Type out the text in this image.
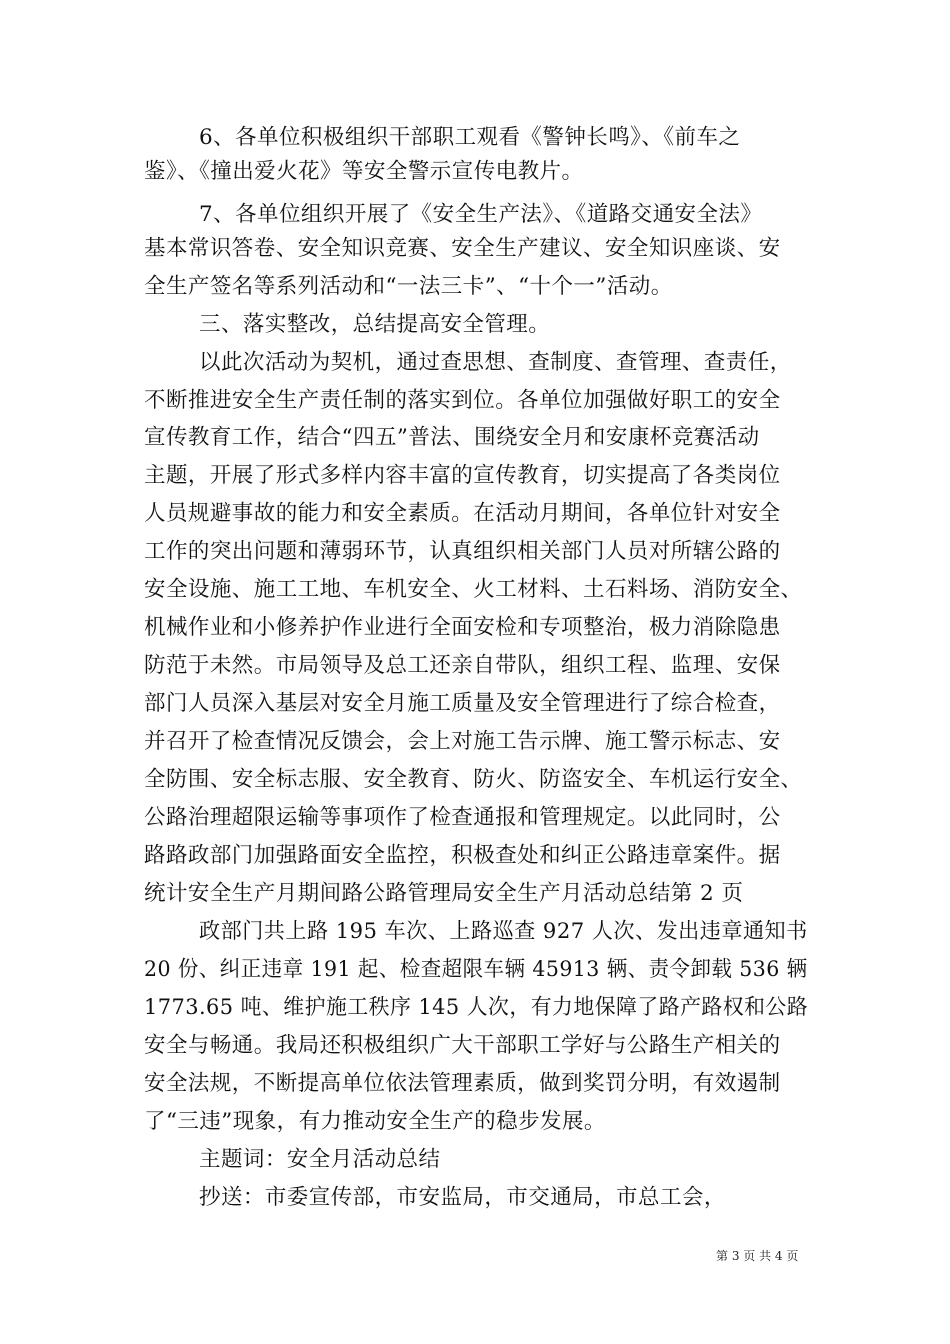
6、各单位积极组织干部职工观看《警钟长鸣》、《前车之
鉴》、《撞出爱火花》等安全警示宣传电教片。
7、各单位组织开展了《安全生产法》、《道路交通安全法》
基本常识答卷、安全知识竞赛、安全生产建议、安全知识座谈、安
全生产签名等系列活动和“一法三卡”、“十个一”活动。
三、落实整改，总结提高安全管理。
以此次活动为契机，通过查思想、查制度、查管理、查责任，
不断推进安全生产责任制的落实到位。各单位加强做好职工的安全
宣传教育工作，结合“四五”普法、围绕安全月和安康杯竞赛活动
主题，开展了形式多样内容丰富的宣传教育，切实提高了各类岗位
人员规避事故的能力和安全素质。在活动月期间，各单位针对安全
工作的突出问题和薄弱环节，认真组织相关部门人员对所辖公路的
安全设施、施工工地、车机安全、火工材料、土石料场、消防安全、
机械作业和小修养护作业进行全面安检和专项整治，极力消除隐患
防范于未然。市局领导及总工还亲自带队，组织工程、监理、安保
部门人员深入基层对安全月施工质量及安全管理进行了综合检查，
并召开了检查情况反馈会，会上对施工告示牌、施工警示标志、安
全防围、安全标志服、安全教育、防火、防盗安全、车机运行安全、
公路治理超限运输等事项作了检查通报和管理规定。以此同时，公
路路政部门加强路面安全监控，积极查处和纠正公路违章案件。据
统计安全生产月期间路公路管理局安全生产月活动总结第 2 页
政部门共上路 195 车次、上路巡查 927 人次、发出违章通知书
20 份、纠正违章 191 起、检查超限车辆 45913 辆、责令卸载 536 辆
1773.65 吨、维护施工秩序 145 人次，有力地保障了路产路权和公路
安全与畅通。我局还积极组织广大干部职工学好与公路生产相关的
安全法规，不断提高单位依法管理素质，做到奖罚分明，有效遏制
了“三违”现象，有力推动安全生产的稳步发展。
主题词：安全月活动总结
抄送：市委宣传部，市安监局，市交通局，市总工会，
第 3 页 共 4 页
